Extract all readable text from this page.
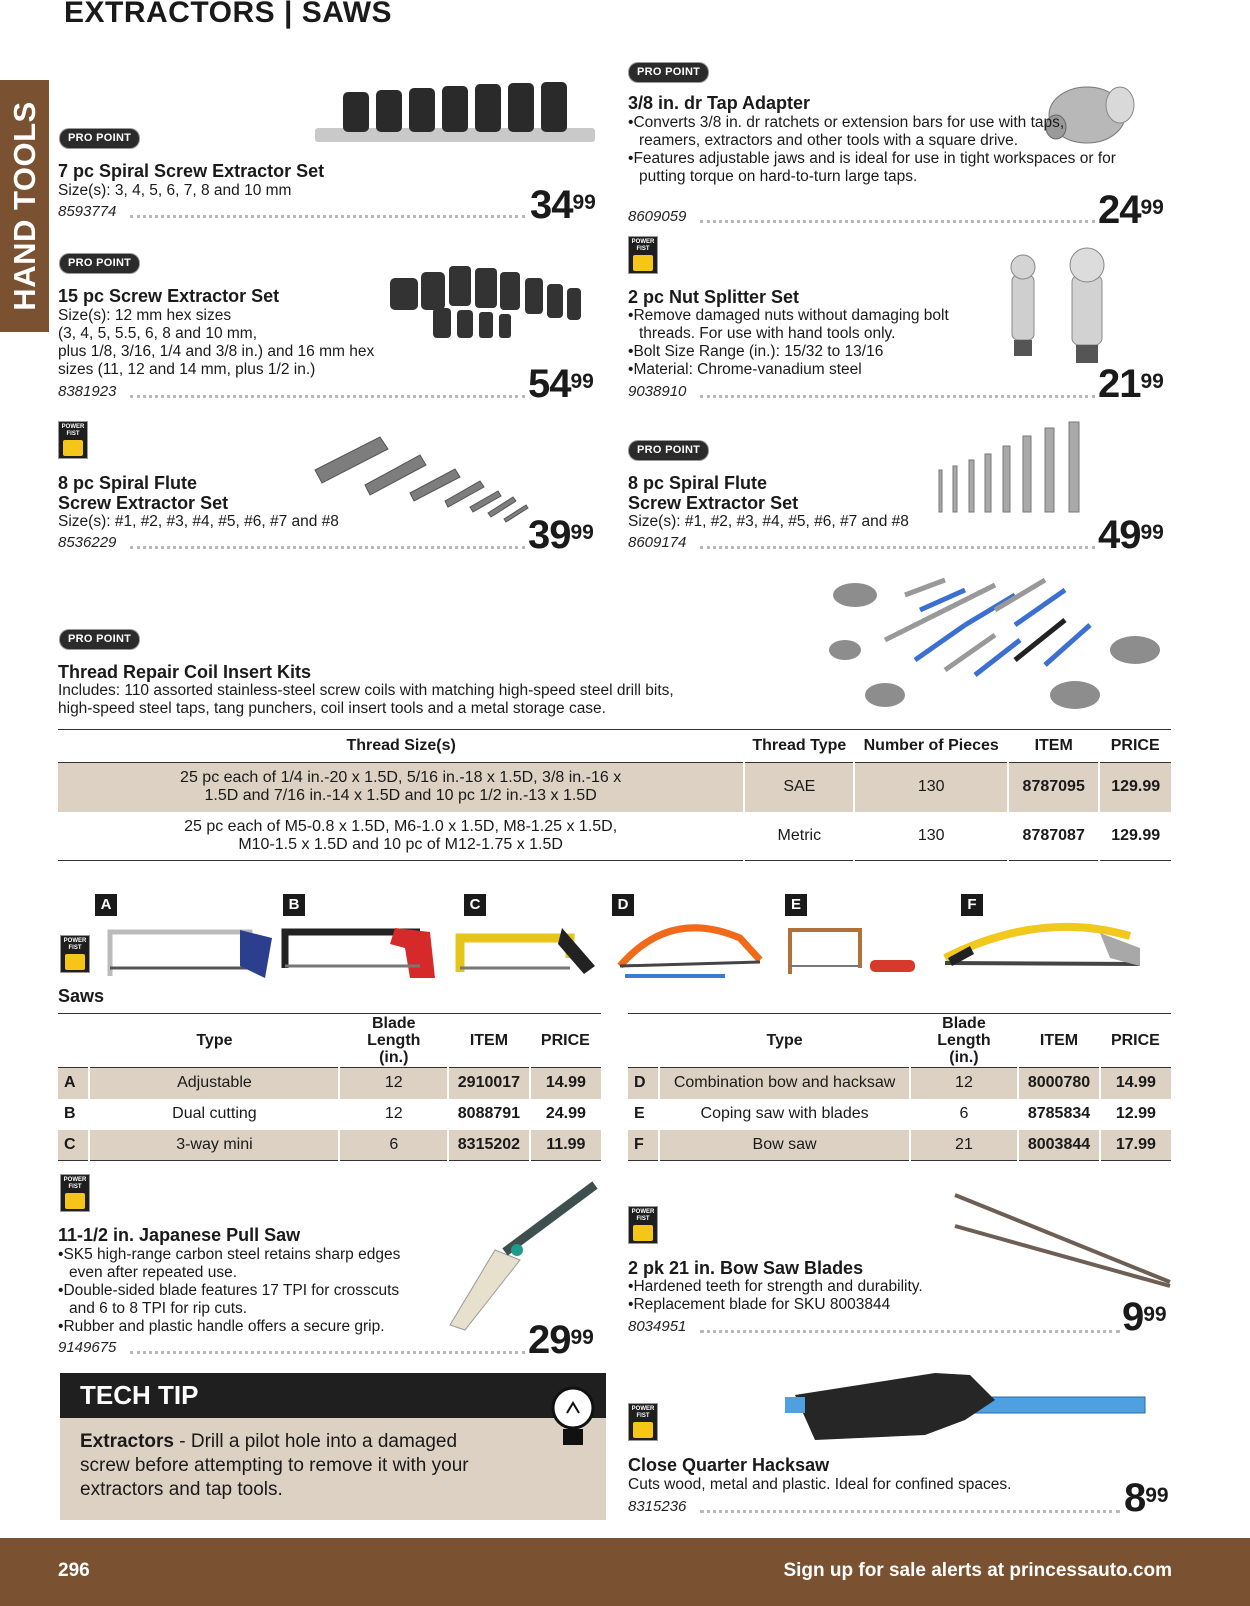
EXTRACTORS | SAWS
HAND TOOLS	PRO POINT
7 pc Spiral Screw Extractor Set
Size(s): 3, 4, 5, 6, 7, 8 and 10 mm
8593774	$34^{99}$
PRO POINT
15 pc Screw Extractor Set
Size(s): 12 mm hex sizes
(3, 4, 5, 5.5, 6, 8 and 10 mm,
plus 1/8, 3/16, 1/4 and 3/8 in.) and 16 mm hex
sizes (11, 12 and 14 mm, plus 1/2 in.)
8381923	$54^{99}$
POWER FIST
8 pc Spiral Flute
Screw Extractor Set
Size(s): #1, #2, #3, #4, #5, #6, #7 and #8
8536229	$39^{99}$
PRO POINT
3/8 in. dr Tap Adapter
•Converts 3/8 in. dr ratchets or extension bars for use with taps, reamers, extractors and other tools with a square drive.
•Features adjustable jaws and is ideal for use in tight workspaces or for putting torque on hard-to-turn large taps.
8609059	$24^{99}$
POWER FIST
2 pc Nut Splitter Set
•Remove damaged nuts without damaging bolt threads. For use with hand tools only.
•Bolt Size Range (in.): 15/32 to 13/16
•Material: Chrome-vanadium steel
9038910	$21^{99}$
PRO POINT
8 pc Spiral Flute
Screw Extractor Set
Size(s): #1, #2, #3, #4, #5, #6, #7 and #8
8609174	$49^{99}$
PRO POINT
Thread Repair Coil Insert Kits
Includes: 110 assorted stainless-steel screw coils with matching high-speed steel drill bits,
high-speed steel taps, tang punchers, coil insert tools and a metal storage case.
Thread Size(s)	Thread Type	Number of Pieces	ITEM	PRICE

25 pc each of 1/4 in.-20 x 1.5D, 5/16 in.-18 x 1.5D, 3/8 in.-16 x
1.5D and 7/16 in.-14 x 1.5D and 10 pc 1/2 in.-13 x 1.5D	SAE	130	8787095	129.99

25 pc each of M5-0.8 x 1.5D, M6-1.0 x 1.5D, M8-1.25 x 1.5D,
M10-1.5 x 1.5D and 10 pc of M12-1.75 x 1.5D	Metric	130	8787087	129.99
A	B	C	D	E	F
POWER FIST
Saws
	Type	Blade Length
(in.)	ITEM	PRICE
A	Adjustable	12	2910017	14.99
B	Dual cutting	12	8088791	24.99
C	3-way mini	6	8315202	11.99
	Type	Blade Length
(in.)	ITEM	PRICE
D	Combination bow and hacksaw	12	8000780	14.99
E	Coping saw with blades	6	8785834	12.99
F	Bow saw	21	8003844	17.99
POWER FIST
11-1/2 in. Japanese Pull Saw
•SK5 high-range carbon steel retains sharp edges even after repeated use.
•Double-sided blade features 17 TPI for crosscuts and 6 to 8 TPI for rip cuts.
•Rubber and plastic handle offers a secure grip.
9149675	$29^{99}$
POWER FIST
2 pk 21 in. Bow Saw Blades
•Hardened teeth for strength and durability.
•Replacement blade for SKU 8003844
8034951	$9^{99}$
TECH TIP
Extractors - Drill a pilot hole into a damaged
screw before attempting to remove it with your
extractors and tap tools.
POWER FIST
Close Quarter Hacksaw
Cuts wood, metal and plastic. Ideal for confined spaces.
8315236	$8^{99}$
296	Sign up for sale alerts at princessauto.com
